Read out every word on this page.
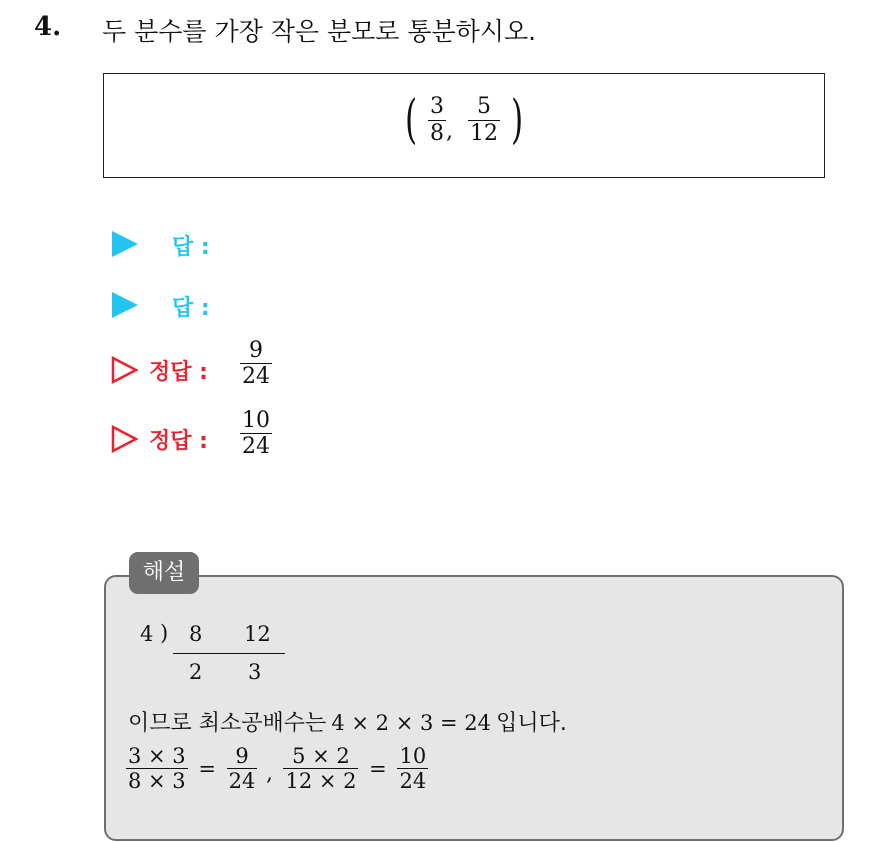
4. 두 분수를 가장 작은 분모로 통분하시오.
( $\frac{3}{8}$ , $\frac{5}{12}$ )
답 :
답 :
정답 : $\frac{9}{24}$
정답 : $\frac{10}{24}$
해설
4 ) 8 12
2 3
이므로 최소공배수는 4 × 2 × 3 = 24 입니다.
$\frac{3 \times 3}{8 \times 3} = \frac{9}{24}$ , $\frac{5 \times 2}{12 \times 2} = \frac{10}{24}$
